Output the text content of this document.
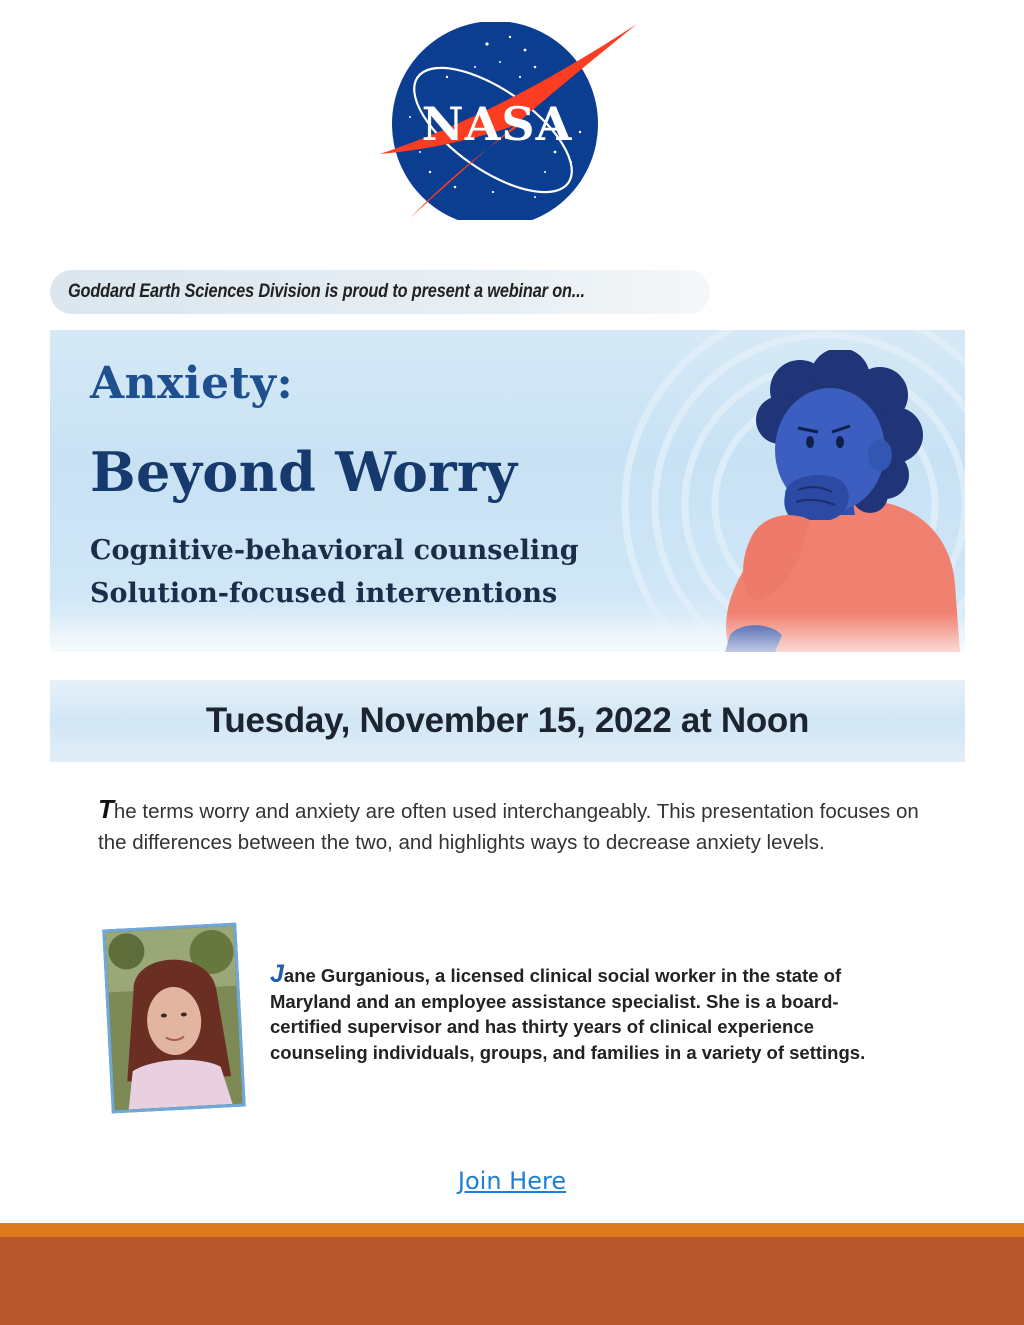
NASA
Goddard Earth Sciences Division is proud to present a webinar on...
Anxiety:
Beyond Worry
Cognitive-behavioral counseling
Solution-focused interventions
Tuesday, November 15, 2022 at Noon

The terms worry and anxiety are often used interchangeably. This presentation focuses on the differences between the two, and highlights ways to decrease anxiety levels.

Jane Gurganious, a licensed clinical social worker in the state of Maryland and an employee assistance specialist. She is a board-certified supervisor and has thirty years of clinical experience counseling individuals, groups, and families in a variety of settings.

Join Here
